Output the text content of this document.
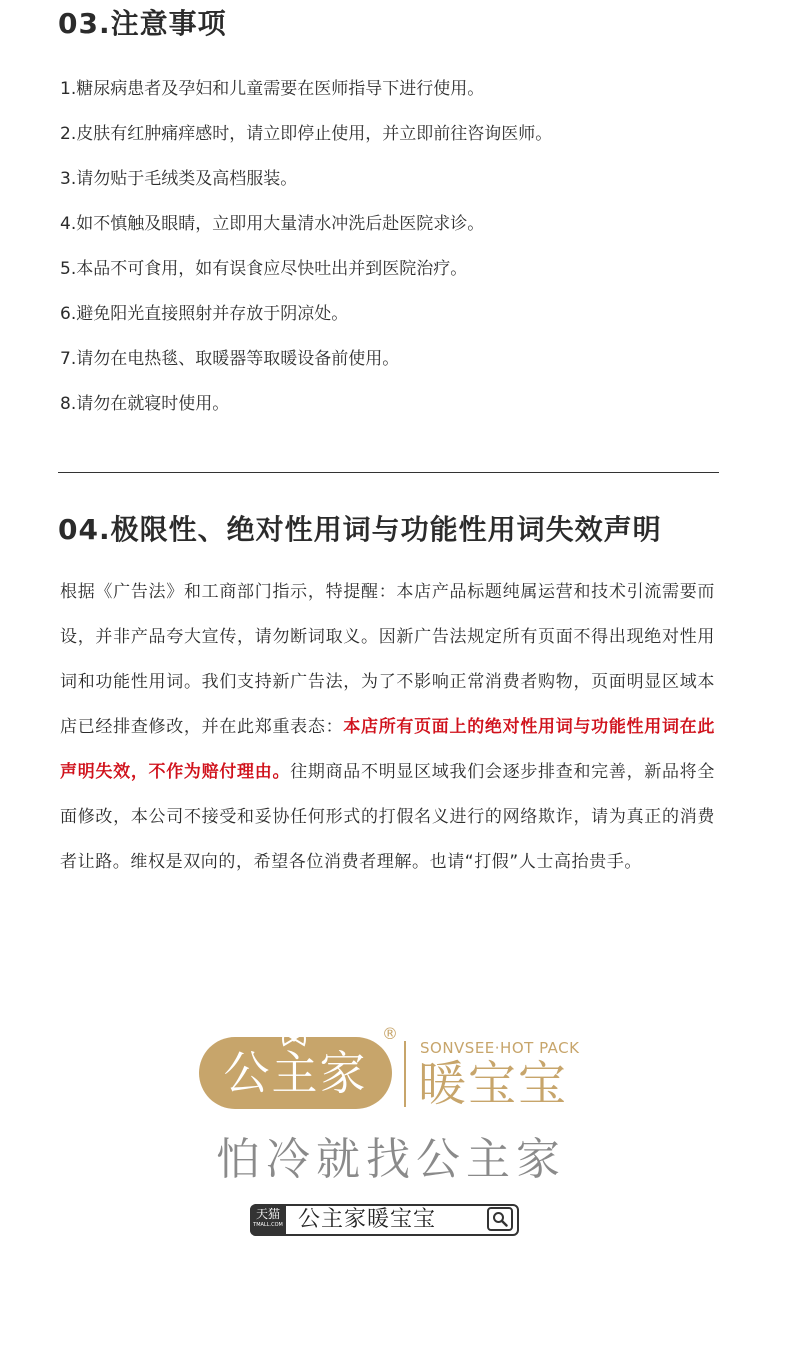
03.注意事项
1.糖尿病患者及孕妇和儿童需要在医师指导下进行使用。
2.皮肤有红肿痛痒感时，请立即停止使用，并立即前往咨询医师。
3.请勿贴于毛绒类及高档服装。
4.如不慎触及眼睛，立即用大量清水冲洗后赴医院求诊。
5.本品不可食用，如有误食应尽快吐出并到医院治疗。
6.避免阳光直接照射并存放于阴凉处。
7.请勿在电热毯、取暖器等取暖设备前使用。
8.请勿在就寝时使用。
04.极限性、绝对性用词与功能性用词失效声明
根据《广告法》和工商部门指示，特提醒：本店产品标题纯属运营和技术引流需要而设，并非产品夸大宣传，请勿断词取义。因新广告法规定所有页面不得出现绝对性用词和功能性用词。我们支持新广告法，为了不影响正常消费者购物，页面明显区域本店已经排查修改，并在此郑重表态：本店所有页面上的绝对性用词与功能性用词在此声明失效，不作为赔付理由。往期商品不明显区域我们会逐步排查和完善，新品将全面修改，本公司不接受和妥协任何形式的打假名义进行的网络欺诈，请为真正的消费者让路。维权是双向的，希望各位消费者理解。也请“打假”人士高抬贵手。
公主家
®
SONVSEE·HOT PACK
暖宝宝
怕冷就找公主家
天猫
TMALL.COM 公主家暖宝宝
